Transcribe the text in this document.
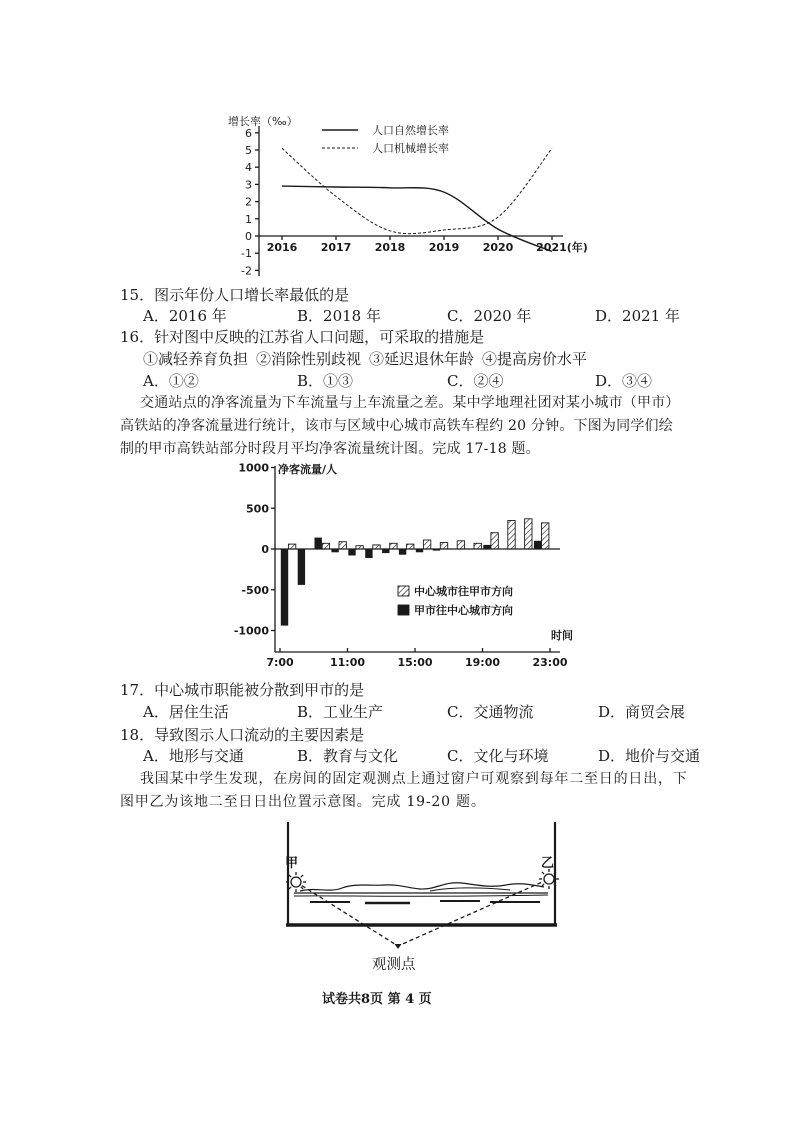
增长率（‰）
6
5
4
3
2
1
0
-1
-2
2016 2017 2018 2019 2020 2021(年)
人口自然增长率
人口机械增长率
15．图示年份人口增长率最低的是
A．2016 年	B．2018 年	C．2020 年	D．2021 年
16．针对图中反映的江苏省人口问题，可采取的措施是
①减轻养育负担 ②消除性别歧视 ③延迟退休年龄 ④提高房价水平
A．①②	B．①③	C．②④	D．③④
交通站点的净客流量为下车流量与上车流量之差。某中学地理社团对某小城市（甲市）
高铁站的净客流量进行统计，该市与区域中心城市高铁车程约 20 分钟。下图为同学们绘
制的甲市高铁站部分时段月平均净客流量统计图。完成 17-18 题。
净客流量/人
1000
500
0
-500
-1000
7:00	11:00	15:00	19:00	23:00
时间
中心城市往甲市方向
甲市往中心城市方向
17．中心城市职能被分散到甲市的是
A．居住生活	B．工业生产	C．交通物流	D．商贸会展
18．导致图示人口流动的主要因素是
A．地形与交通	B．教育与文化	C．文化与环境	D．地价与交通
我国某中学生发现，在房间的固定观测点上通过窗户可观察到每年二至日的日出，下
图甲乙为该地二至日日出位置示意图。完成 19-20 题。
甲	乙
观测点
试卷共8页 第 4 页
